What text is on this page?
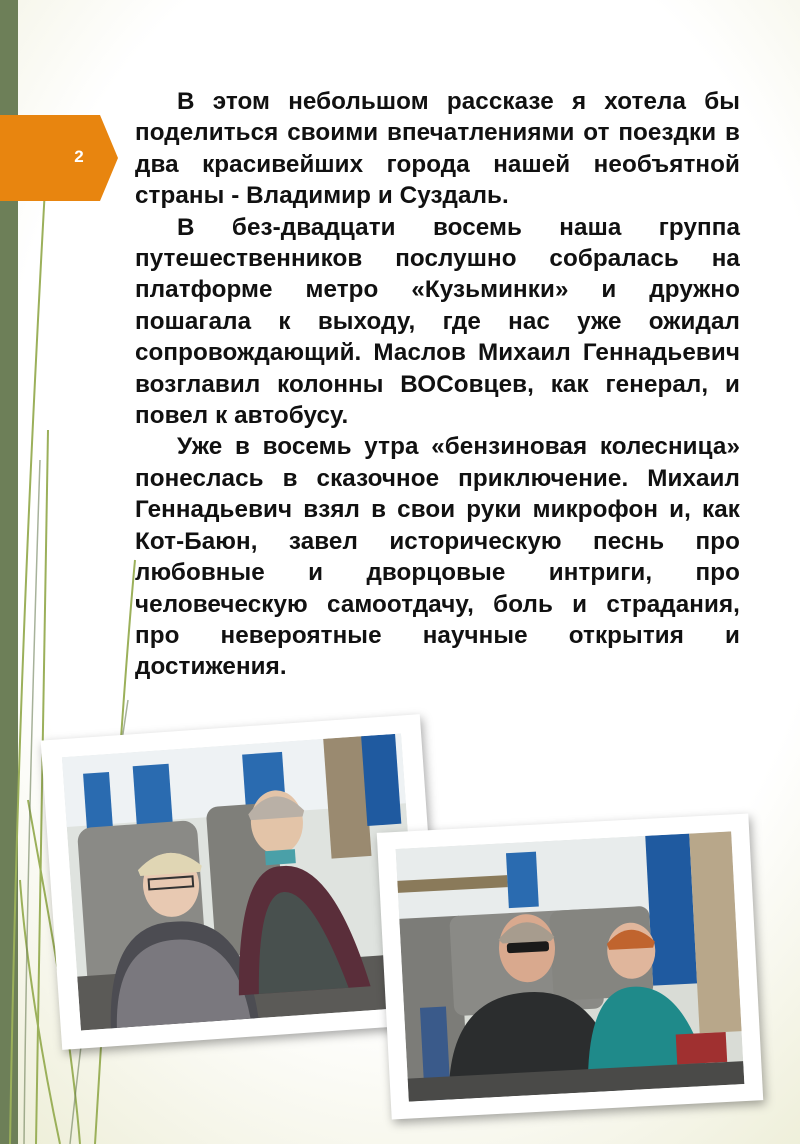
2

В этом небольшом рассказе я хотела бы поделиться своими впечатлениями от поездки в два красивейших города нашей необъятной страны - Владимир и Суздаль.

В без-двадцати восемь наша группа путешественников послушно собралась на платформе метро «Кузьминки» и дружно пошагала к выходу, где нас уже ожидал сопровождающий. Маслов Михаил Геннадьевич возглавил колонны ВОСовцев, как генерал, и повел к автобусу.

Уже в восемь утра «бензиновая колесница» понеслась в сказочное приключение. Михаил Геннадьевич взял в свои руки микрофон и, как Кот-Баюн, завел историческую песнь про любовные и дворцовые интриги, про человеческую самоотдачу, боль и страдания, про невероятные научные открытия и достижения.
